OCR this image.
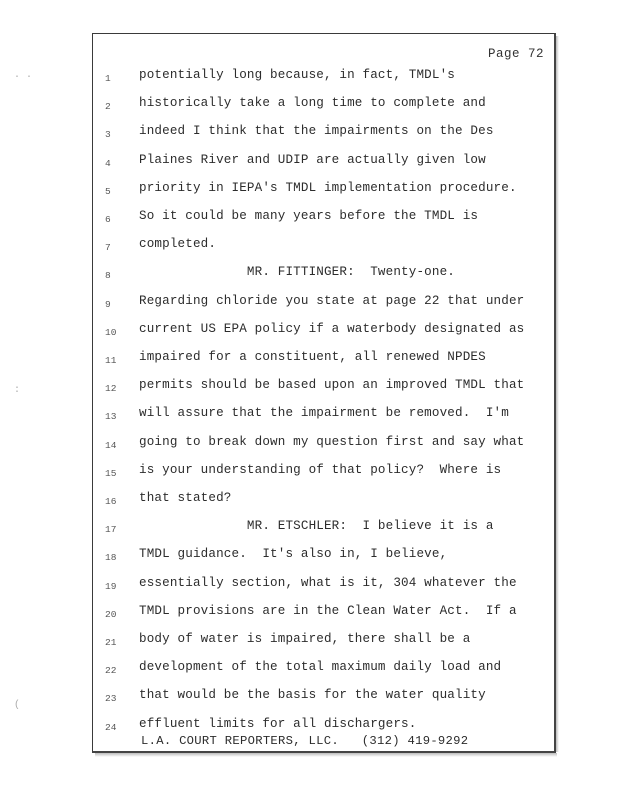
Page 72
1	potentially long because, in fact, TMDL's
2	historically take a long time to complete and
3	indeed I think that the impairments on the Des
4	Plaines River and UDIP are actually given low
5	priority in IEPA's TMDL implementation procedure.
6	So it could be many years before the TMDL is
7	completed.
8	MR. FITTINGER:  Twenty-one.
9	Regarding chloride you state at page 22 that under
10	current US EPA policy if a waterbody designated as
11	impaired for a constituent, all renewed NPDES
12	permits should be based upon an improved TMDL that
13	will assure that the impairment be removed.  I'm
14	going to break down my question first and say what
15	is your understanding of that policy?  Where is
16	that stated?
17	MR. ETSCHLER:  I believe it is a
18	TMDL guidance.  It's also in, I believe,
19	essentially section, what is it, 304 whatever the
20	TMDL provisions are in the Clean Water Act.  If a
21	body of water is impaired, there shall be a
22	development of the total maximum daily load and
23	that would be the basis for the water quality
24	effluent limits for all dischargers.
L.A. COURT REPORTERS, LLC.   (312) 419-9292
· ·
:
(
